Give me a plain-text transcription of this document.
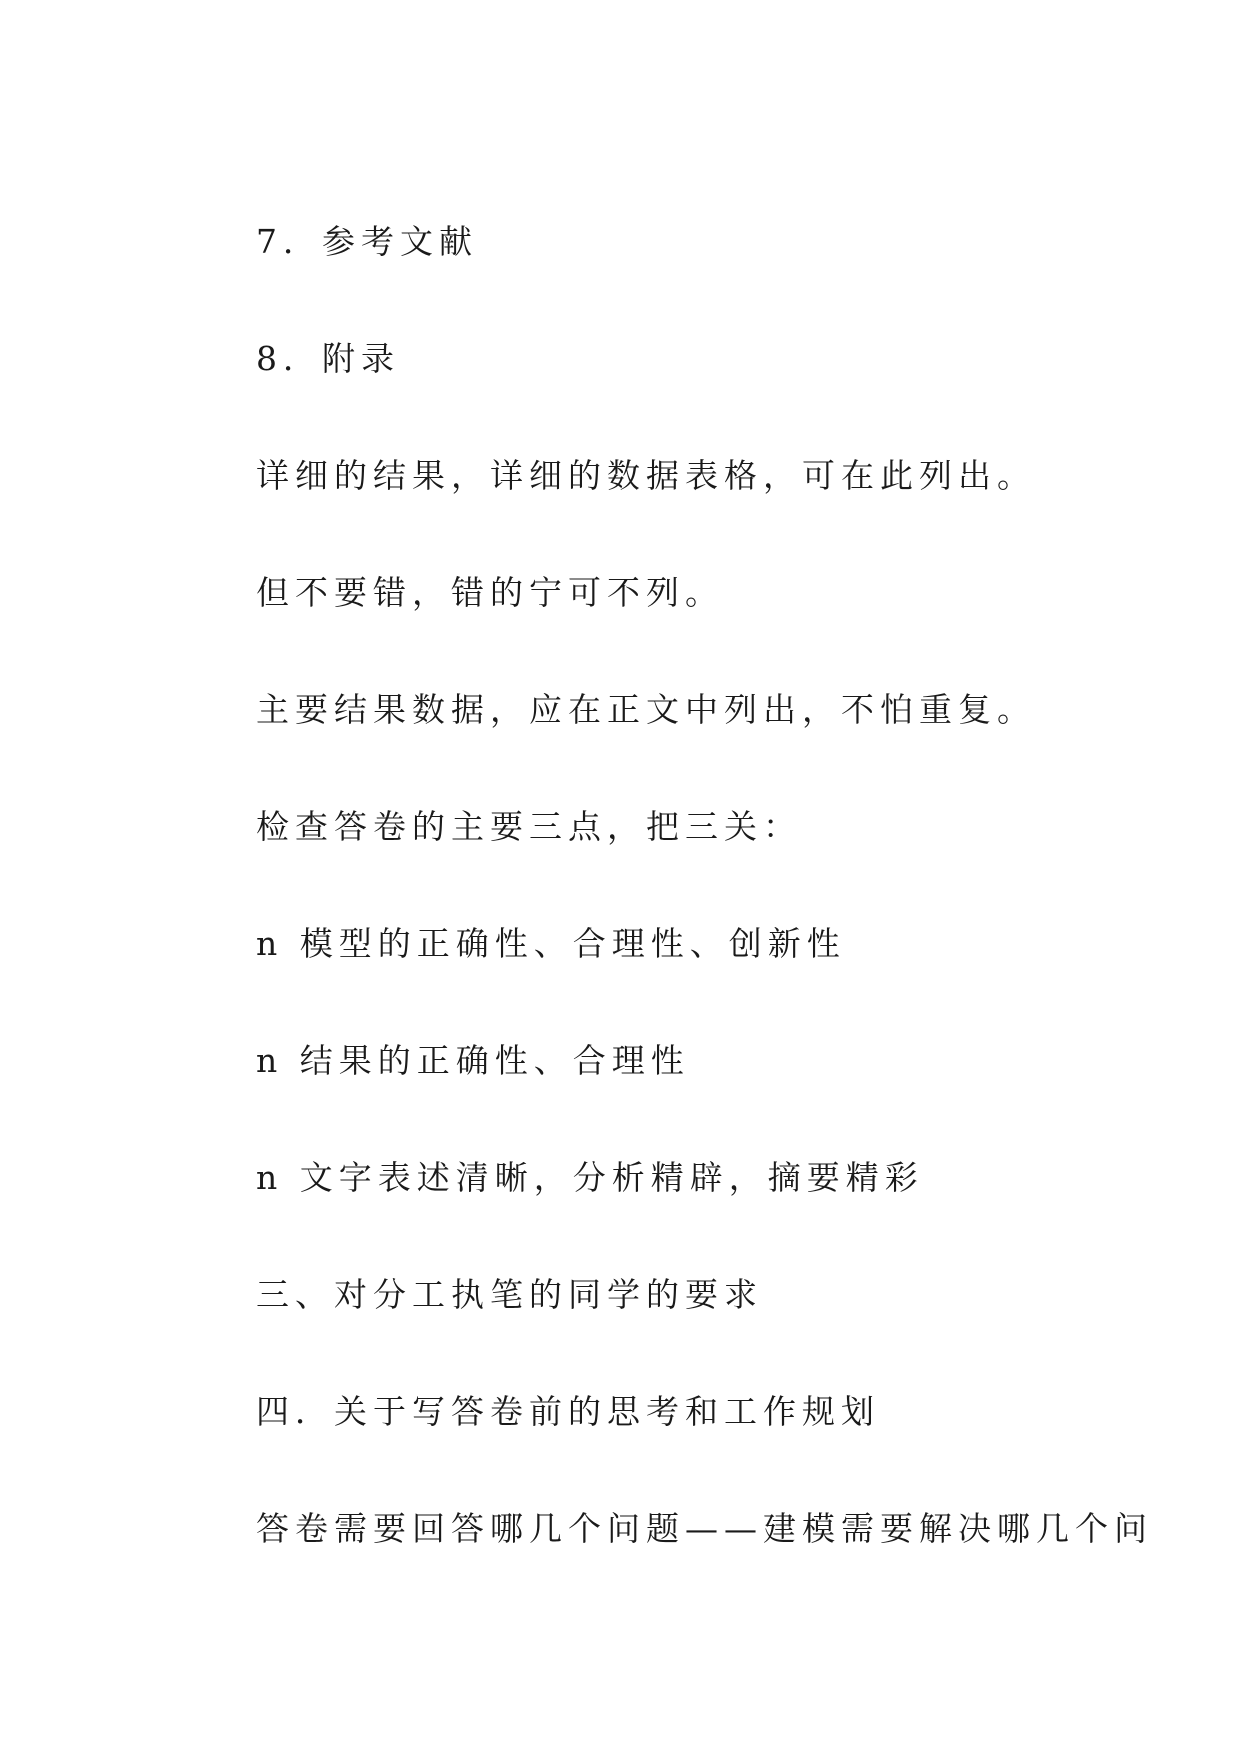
7．参考文献
8．附录
详细的结果，详细的数据表格，可在此列出。
但不要错，错的宁可不列。
主要结果数据，应在正文中列出，不怕重复。
检查答卷的主要三点，把三关：
n 模型的正确性、合理性、创新性
n 结果的正确性、合理性
n 文字表述清晰，分析精辟，摘要精彩
三、对分工执笔的同学的要求
四．关于写答卷前的思考和工作规划
答卷需要回答哪几个问题——建模需要解决哪几个问
